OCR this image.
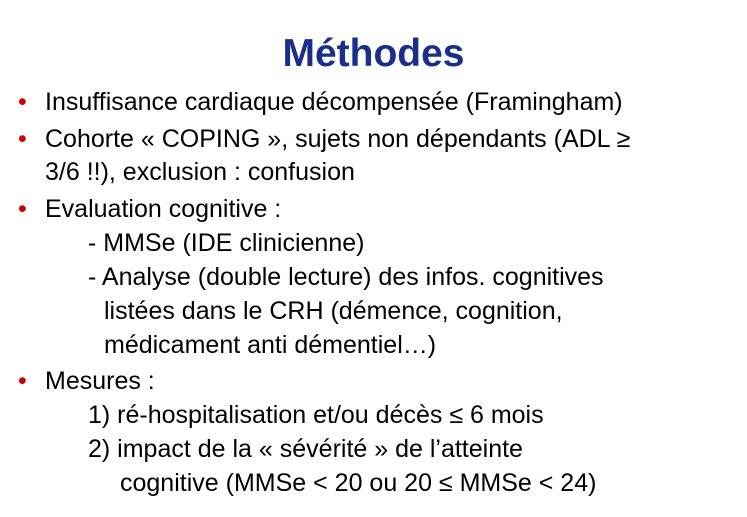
Méthodes
• Insuffisance cardiaque décompensée (Framingham)
• Cohorte « COPING », sujets non dépendants (ADL ≥
3/6 !!), exclusion : confusion
• Evaluation cognitive :
- MMSe (IDE clinicienne)
- Analyse (double lecture) des infos. cognitives
listées dans le CRH (démence, cognition,
médicament anti démentiel…)
• Mesures :
1) ré-hospitalisation et/ou décès ≤ 6 mois
2) impact de la « sévérité » de l’atteinte
cognitive (MMSe < 20 ou 20 ≤ MMSe < 24)
